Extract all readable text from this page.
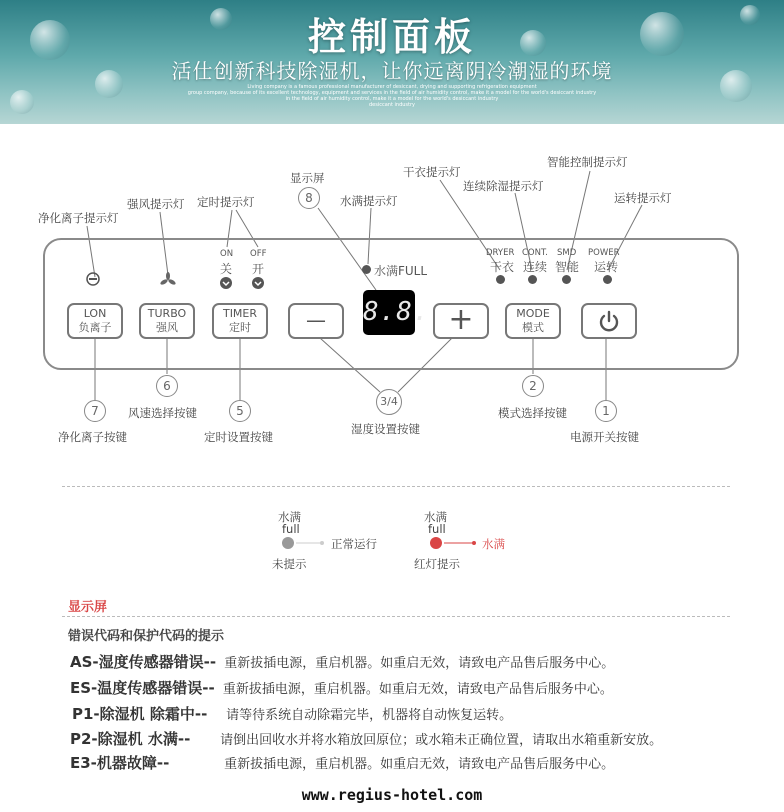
控制面板
活仕创新科技除湿机，让你远离阴冷潮湿的环境
Living company is a famous professional manufacturer of desiccant, drying and supporting refrigeration equipment
group company, because of its excellent technology, equipment and services in the field of air humidity control, make it a model for the world's desiccant industry
in the field of air humidity control, make it a model for the world's desiccant industry
desiccant industry
净化离子提示灯
强风提示灯 定时提示灯
显示屏
水满提示灯
干衣提示灯
连续除湿提示灯
智能控制提示灯
运转提示灯
8
ON OFF
关 开	水满FULL
8.8.
DRYER
干衣
CONT.
连续
SMD
智能
POWER
运转
LON
负离子
TURBO
强风
TIMER
定时	—	+	MODE
模式
7
6
5
3/4
2
1
净化离子按键
风速选择按键
定时设置按键
湿度设置按键
模式选择按键
电源开关按键
水满
full
正常运行
未提示
水满
full
水满
红灯提示
显示屏
错误代码和保护代码的提示
AS-湿度传感器错误-- 重新拔插电源，重启机器。如重启无效，请致电产品售后服务中心。
ES-温度传感器错误-- 重新拔插电源，重启机器。如重启无效，请致电产品售后服务中心。
P1-除湿机 除霜中-- 请等待系统自动除霜完毕，机器将自动恢复运转。
P2-除湿机 水满-- 请倒出回收水并将水箱放回原位；或水箱未正确位置，请取出水箱重新安放。
E3-机器故障--	重新拔插电源，重启机器。如重启无效，请致电产品售后服务中心。
www.regius-hotel.com
